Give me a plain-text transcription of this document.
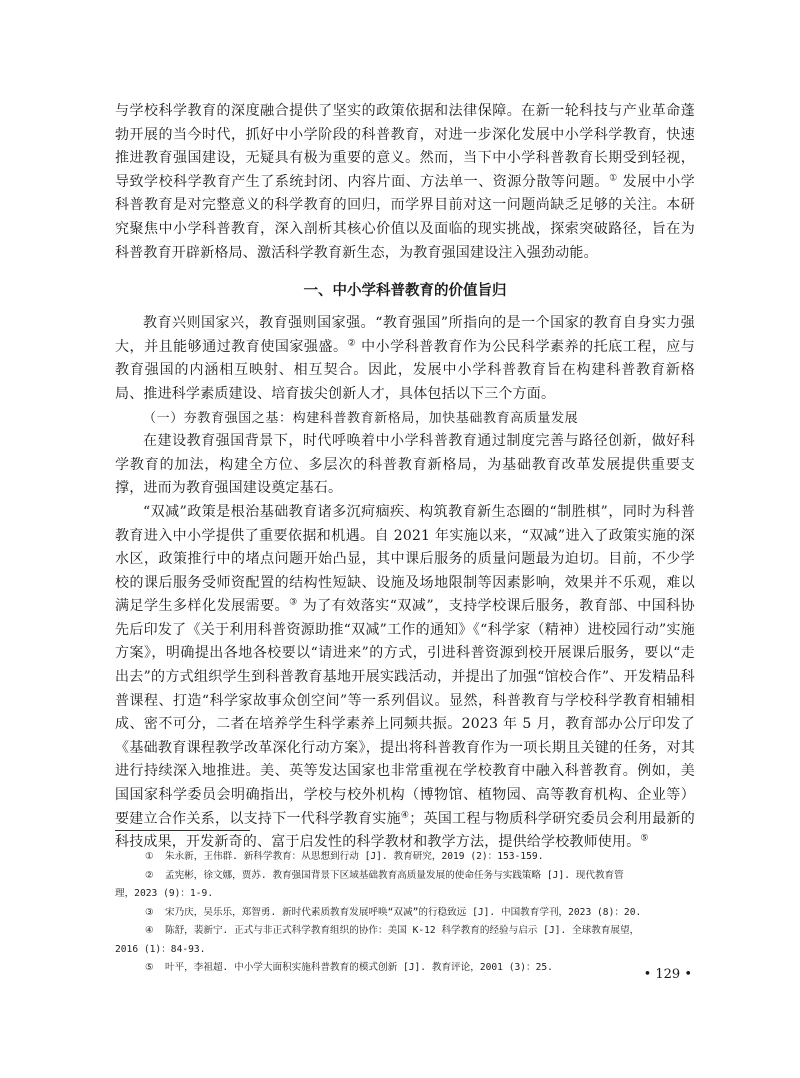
与学校科学教育的深度融合提供了坚实的政策依据和法律保障。在新一轮科技与产业革命蓬勃开展的当今时代，抓好中小学阶段的科普教育，对进一步深化发展中小学科学教育，快速推进教育强国建设，无疑具有极为重要的意义。然而，当下中小学科普教育长期受到轻视，导致学校科学教育产生了系统封闭、内容片面、方法单一、资源分散等问题。① 发展中小学科普教育是对完整意义的科学教育的回归，而学界目前对这一问题尚缺乏足够的关注。本研究聚焦中小学科普教育，深入剖析其核心价值以及面临的现实挑战，探索突破路径，旨在为科普教育开辟新格局、激活科学教育新生态，为教育强国建设注入强劲动能。

一、中小学科普教育的价值旨归

教育兴则国家兴，教育强则国家强。“教育强国”所指向的是一个国家的教育自身实力强大，并且能够通过教育使国家强盛。② 中小学科普教育作为公民科学素养的托底工程，应与教育强国的内涵相互映射、相互契合。因此，发展中小学科普教育旨在构建科普教育新格局、推进科学素质建设、培育拔尖创新人才，具体包括以下三个方面。

（一）夯教育强国之基：构建科普教育新格局，加快基础教育高质量发展

在建设教育强国背景下，时代呼唤着中小学科普教育通过制度完善与路径创新，做好科学教育的加法，构建全方位、多层次的科普教育新格局，为基础教育改革发展提供重要支撑，进而为教育强国建设奠定基石。

“双减”政策是根治基础教育诸多沉疴痼疾、构筑教育新生态圈的“制胜棋”，同时为科普教育进入中小学提供了重要依据和机遇。自 2021 年实施以来，“双减”进入了政策实施的深水区，政策推行中的堵点问题开始凸显，其中课后服务的质量问题最为迫切。目前，不少学校的课后服务受师资配置的结构性短缺、设施及场地限制等因素影响，效果并不乐观，难以满足学生多样化发展需要。③ 为了有效落实“双减”，支持学校课后服务，教育部、中国科协先后印发了《关于利用科普资源助推“双减”工作的通知》《“科学家（精神）进校园行动”实施方案》，明确提出各地各校要以“请进来”的方式，引进科普资源到校开展课后服务，要以“走出去”的方式组织学生到科普教育基地开展实践活动，并提出了加强“馆校合作”、开发精品科普课程、打造“科学家故事众创空间”等一系列倡议。显然，科普教育与学校科学教育相辅相成、密不可分，二者在培养学生科学素养上同频共振。2023 年 5 月，教育部办公厅印发了《基础教育课程教学改革深化行动方案》，提出将科普教育作为一项长期且关键的任务，对其进行持续深入地推进。美、英等发达国家也非常重视在学校教育中融入科普教育。例如，美国国家科学委员会明确指出，学校与校外机构（博物馆、植物园、高等教育机构、企业等）要建立合作关系，以支持下一代科学教育实施④；英国工程与物质科学研究委员会利用最新的科技成果，开发新奇的、富于启发性的科学教材和教学方法，提供给学校教师使用。⑤

① 朱永新，王伟群. 新科学教育：从思想到行动 [J]. 教育研究，2019 (2)：153-159.

② 孟宪彬，徐文娜，贾苏. 教育强国背景下区域基础教育高质量发展的使命任务与实践策略 [J]. 现代教育管

理，2023 (9)：1-9.

③ 宋乃庆，吴乐乐，郑智勇. 新时代素质教育发展呼唤“双减”的行稳致远 [J]. 中国教育学刊，2023 (8)：20.

④ 陈舒，裴新宁. 正式与非正式科学教育组织的协作：美国 K-12 科学教育的经验与启示 [J]. 全球教育展望，

2016 (1)：84-93.

⑤ 叶平，李祖超. 中小学大面积实施科普教育的模式创新 [J]. 教育评论，2001 (3)：25.	• 129 •
